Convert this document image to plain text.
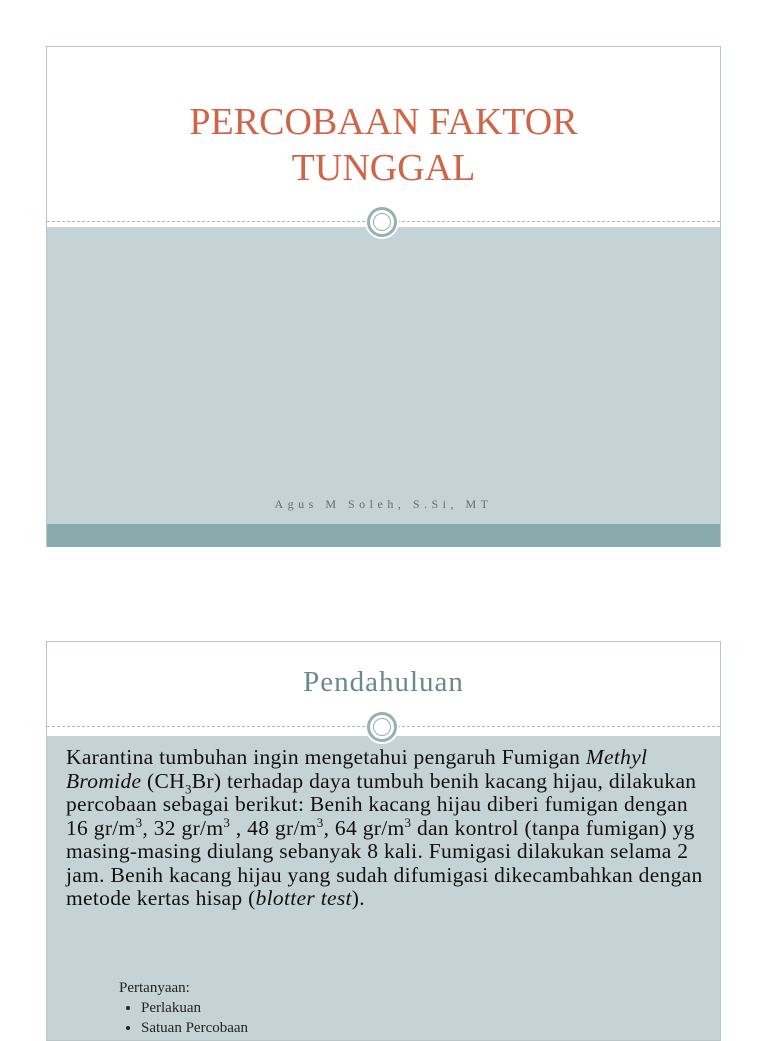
PERCOBAAN FAKTOR
TUNGGAL
Agus M Soleh, S.Si, MT
Pendahuluan

Karantina tumbuhan ingin mengetahui pengaruh Fumigan Methyl Bromide $(CH_3Br)$ terhadap daya tumbuh benih kacang hijau, dilakukan percobaan sebagai berikut: Benih kacang hijau diberi fumigan dengan 16 $gr/m^3$, 32 $gr/m^3$ , 48 $gr/m^3$, 64 $gr/m^3$ dan kontrol (tanpa fumigan) yg masing-masing diulang sebanyak 8 kali. Fumigasi dilakukan selama 2 jam. Benih kacang hijau yang sudah difumigasi dikecambahkan dengan metode kertas hisap (blotter test).

Pertanyaan:
• Perlakuan
• Satuan Percobaan
